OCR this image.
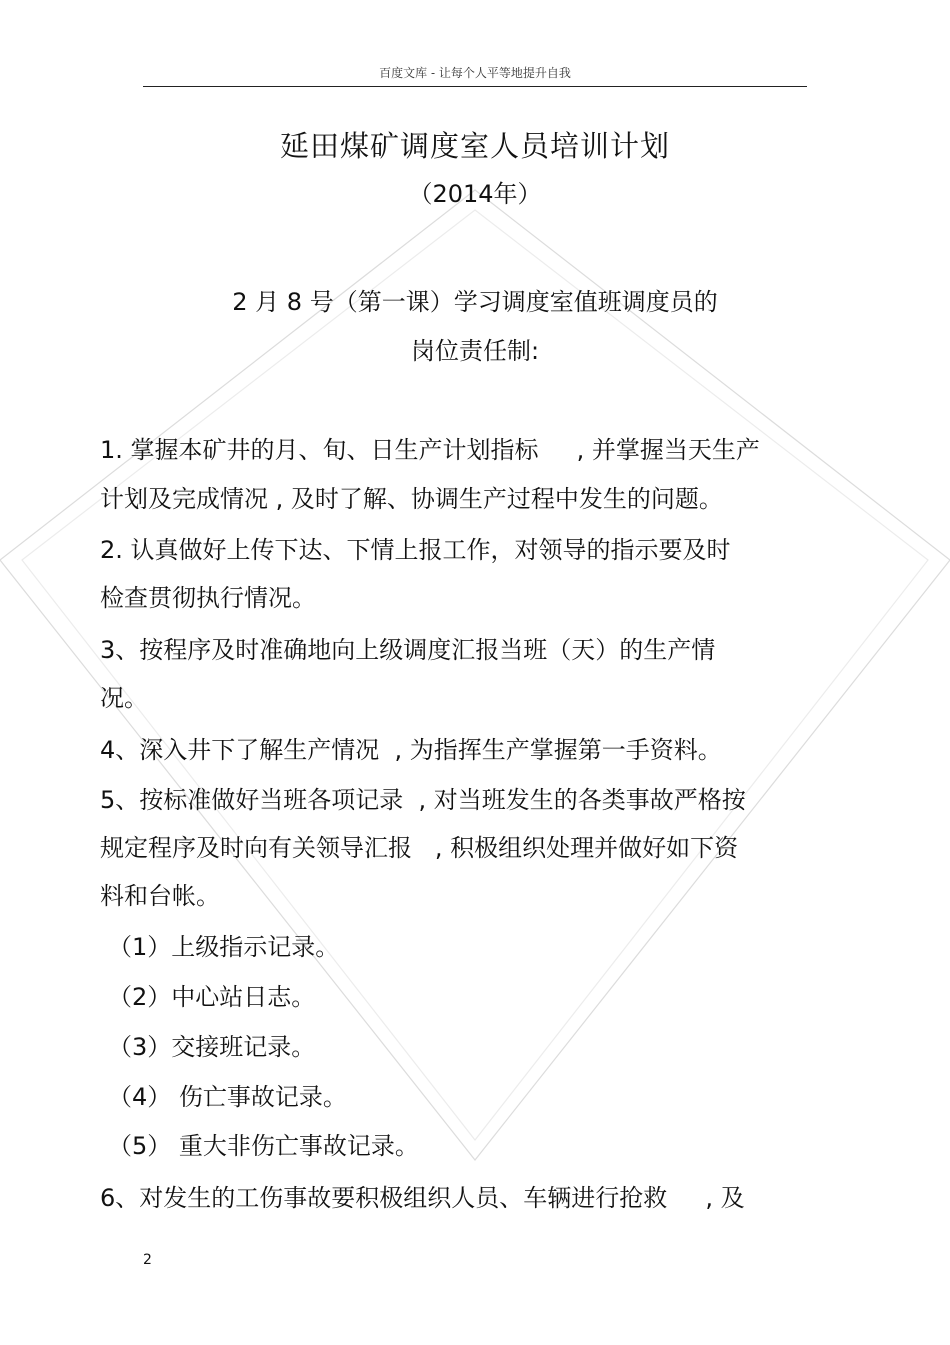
百度文库 - 让每个人平等地提升自我
延田煤矿调度室人员培训计划
（2014年）
2 月 8 号（第一课）学习调度室值班调度员的
岗位责任制:
1. 掌握本矿井的月、旬、日生产计划指标     , 并掌握当天生产
计划及完成情况 , 及时了解、协调生产过程中发生的问题。
2. 认真做好上传下达、下情上报工作，对领导的指示要及时
检查贯彻执行情况。
3、按程序及时准确地向上级调度汇报当班（天）的生产情
况。
4、深入井下了解生产情况  , 为指挥生产掌握第一手资料。
5、按标准做好当班各项记录  , 对当班发生的各类事故严格按
规定程序及时向有关领导汇报   , 积极组织处理并做好如下资
料和台帐。
（1）上级指示记录。
（2）中心站日志。
（3）交接班记录。
（4） 伤亡事故记录。
（5） 重大非伤亡事故记录。
6、对发生的工伤事故要积极组织人员、车辆进行抢救     , 及
2
